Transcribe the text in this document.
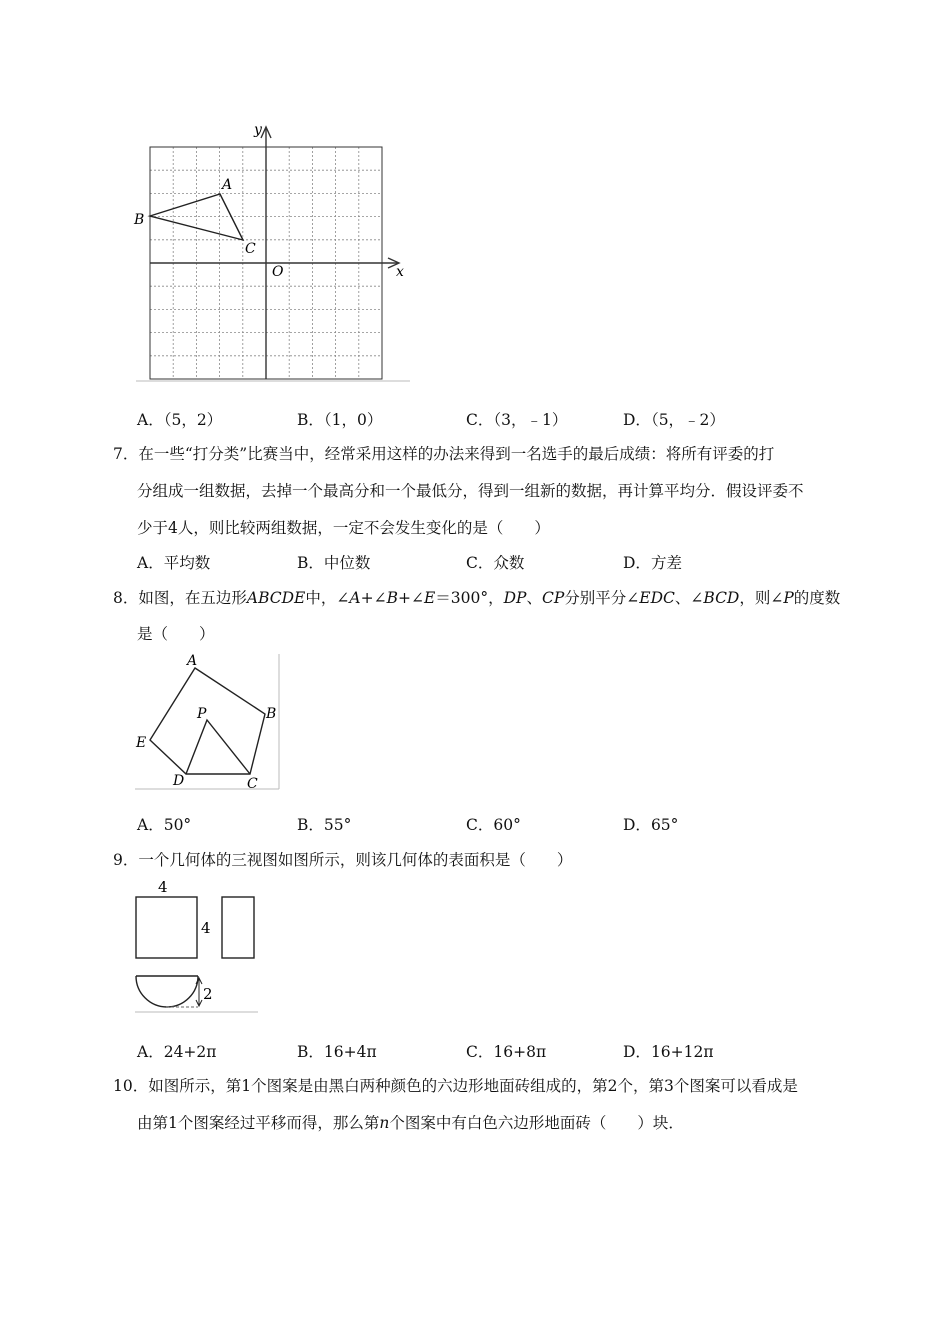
y
x
O
A
B
C
A．（5，2）	B．（1，0）	C．（3，﹣1）	D．（5，﹣2）
7．在一些“打分类”比赛当中，经常采用这样的办法来得到一名选手的最后成绩：将所有评委的打
分组成一组数据，去掉一个最高分和一个最低分，得到一组新的数据，再计算平均分．假设评委不
少于4人，则比较两组数据，一定不会发生变化的是（　　）
A．平均数	B．中位数	C．众数	D．方差
8．如图，在五边形ABCDE中，∠A+∠B+∠E＝300°，DP、CP分别平分∠EDC、∠BCD，则∠P的度数
是（　　）
A
B
C
D
E
P
A．50°	B．55°	C．60°	D．65°
9．一个几何体的三视图如图所示，则该几何体的表面积是（　　）
4
4
2
A．24+2π	B．16+4π	C．16+8π	D．16+12π
10．如图所示，第1个图案是由黑白两种颜色的六边形地面砖组成的，第2个，第3个图案可以看成是
由第1个图案经过平移而得，那么第n个图案中有白色六边形地面砖（　　）块．
